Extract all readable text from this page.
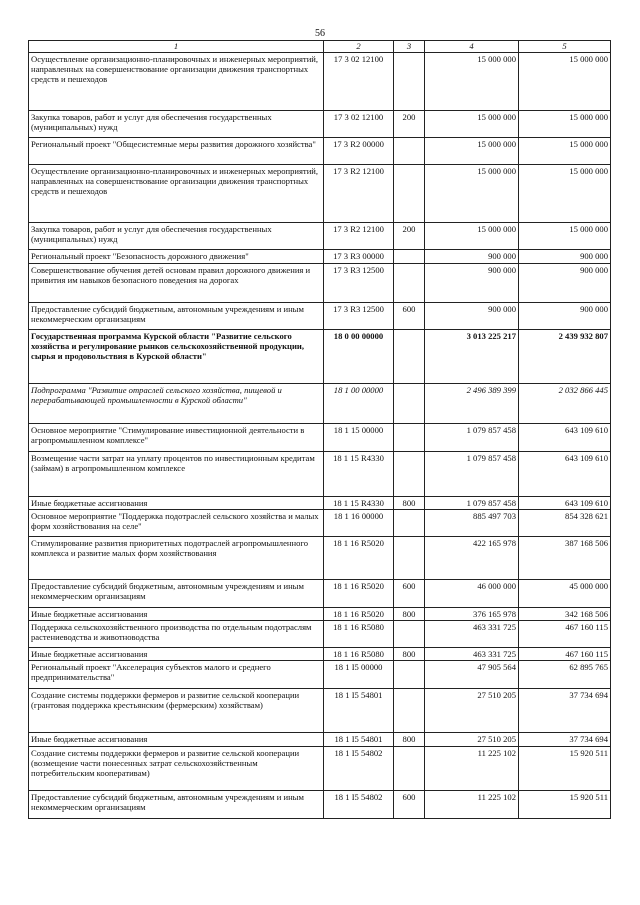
56
1	2	3	4	5
Осуществление организационно-планировочных и инженерных мероприятий, направленных на совершенствование организации движения транспортных средств и пешеходов	17 3 02 12100		15 000 000	15 000 000
Закупка товаров, работ и услуг для обеспечения государственных (муниципальных) нужд	17 3 02 12100	200	15 000 000	15 000 000
Региональный проект "Общесистемные меры развития дорожного хозяйства"	17 3 R2 00000		15 000 000	15 000 000
Осуществление организационно-планировочных и инженерных мероприятий, направленных на совершенствование организации движения транспортных средств и пешеходов	17 3 R2 12100		15 000 000	15 000 000
Закупка товаров, работ и услуг для обеспечения государственных (муниципальных) нужд	17 3 R2 12100	200	15 000 000	15 000 000
Региональный проект "Безопасность дорожного движения"	17 3 R3 00000		900 000	900 000
Совершенствование обучения детей основам правил дорожного движения и привития им навыков безопасного поведения на дорогах	17 3 R3 12500		900 000	900 000
Предоставление субсидий бюджетным, автономным учреждениям и иным некоммерческим организациям	17 3 R3 12500	600	900 000	900 000
Государственная программа Курской области "Развитие сельского хозяйства и регулирование рынков сельскохозяйственной продукции, сырья и продовольствия в Курской области"	18 0 00 00000		3 013 225 217	2 439 932 807
Подпрограмма "Развитие отраслей сельского хозяйства, пищевой и перерабатывающей промышленности в Курской области"	18 1 00 00000		2 496 389 399	2 032 866 445
Основное мероприятие "Стимулирование инвестиционной деятельности в агропромышленном комплексе"	18 1 15 00000		1 079 857 458	643 109 610
Возмещение части затрат на уплату процентов по инвестиционным кредитам (займам) в агропромышленном комплексе	18 1 15 R4330		1 079 857 458	643 109 610
Иные бюджетные ассигнования	18 1 15 R4330	800	1 079 857 458	643 109 610
Основное мероприятие "Поддержка подотраслей сельского хозяйства и малых форм хозяйствования на селе"	18 1 16 00000		885 497 703	854 328 621
Стимулирование развития приоритетных подотраслей агропромышленного комплекса и развитие малых форм хозяйствования	18 1 16 R5020		422 165 978	387 168 506
Предоставление субсидий бюджетным, автономным учреждениям и иным некоммерческим организациям	18 1 16 R5020	600	46 000 000	45 000 000
Иные бюджетные ассигнования	18 1 16 R5020	800	376 165 978	342 168 506
Поддержка сельскохозяйственного производства по отдельным подотраслям растениеводства и животноводства	18 1 16 R5080		463 331 725	467 160 115
Иные бюджетные ассигнования	18 1 16 R5080	800	463 331 725	467 160 115
Региональный проект "Акселерация субъектов малого и среднего предпринимательства"	18 1 I5 00000		47 905 564	62 895 765
Создание системы поддержки фермеров и развитие сельской кооперации (грантовая поддержка крестьянским (фермерским) хозяйствам)	18 1 I5 54801		27 510 205	37 734 694
Иные бюджетные ассигнования	18 1 I5 54801	800	27 510 205	37 734 694
Создание системы поддержки фермеров и развитие сельской кооперации (возмещение части понесенных затрат сельскохозяйственным потребительским кооперативам)	18 1 I5 54802		11 225 102	15 920 511
Предоставление субсидий бюджетным, автономным учреждениям и иным некоммерческим организациям	18 1 I5 54802	600	11 225 102	15 920 511
